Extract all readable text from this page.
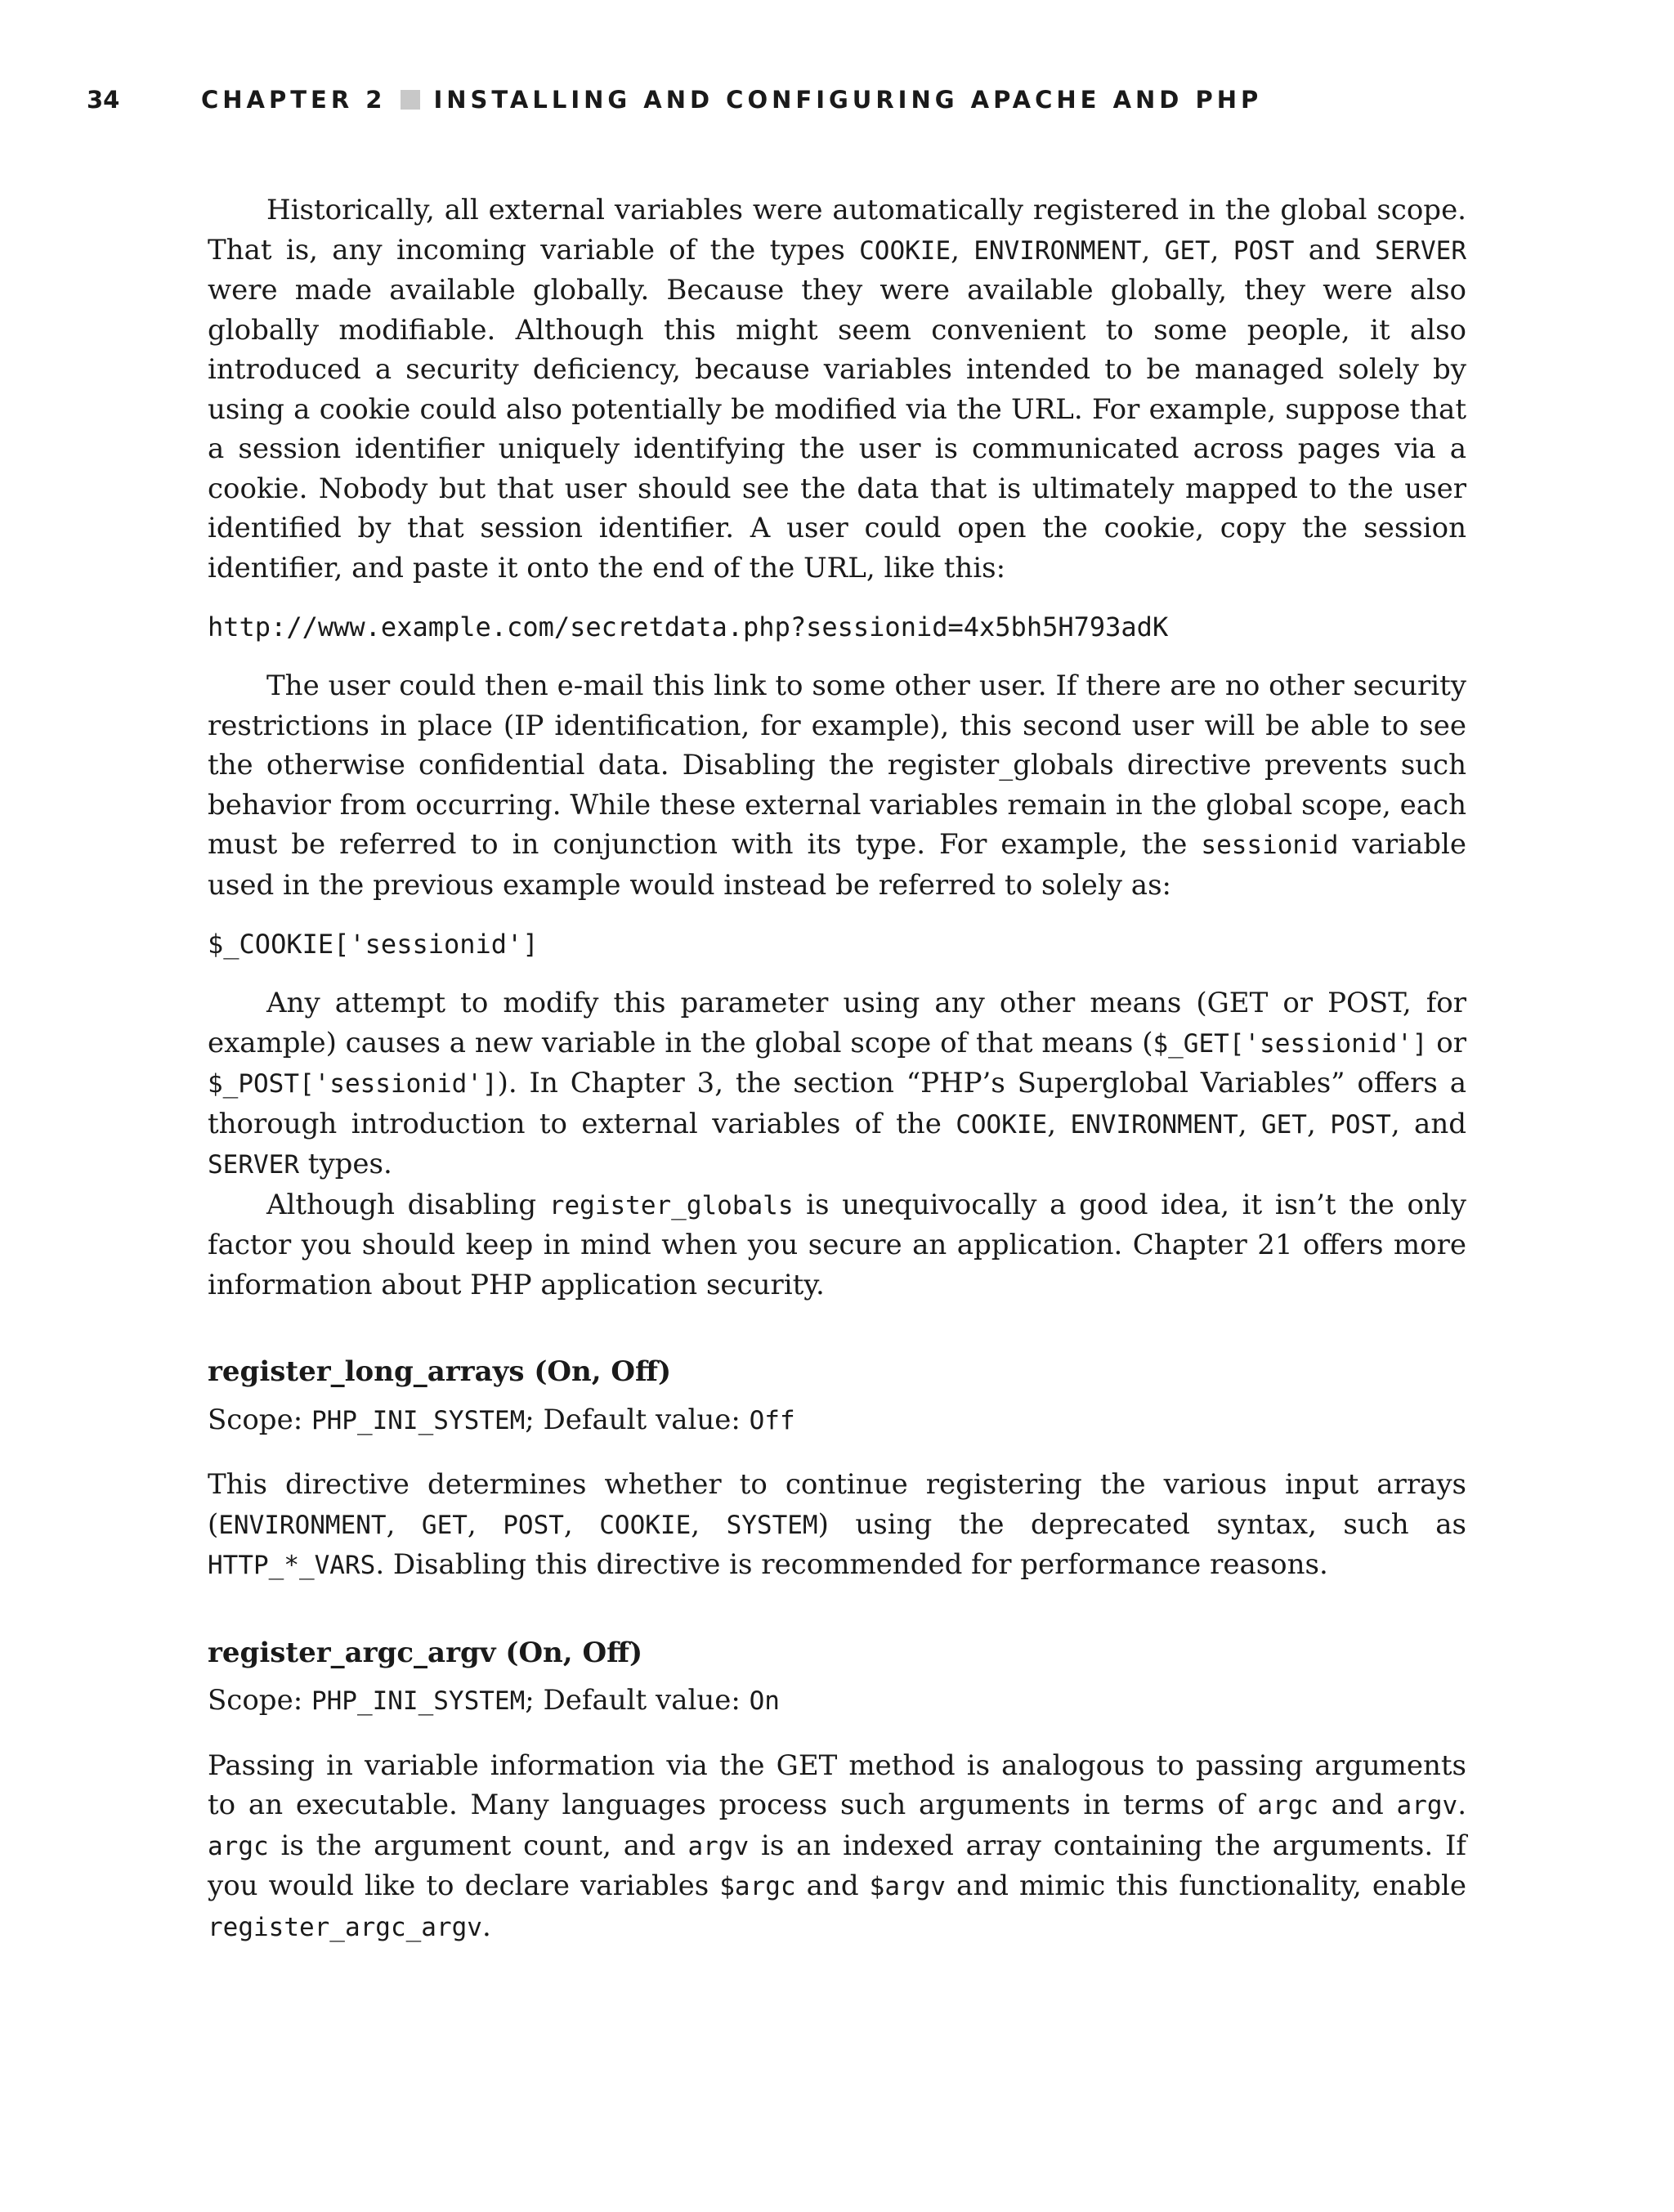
34	CHAPTER 2 INSTALLING AND CONFIGURING APACHE AND PHP

Historically, all external variables were automatically registered in the global scope. That is, any incoming variable of the types COOKIE, ENVIRONMENT, GET, POST and SERVER were made available globally. Because they were available globally, they were also globally modifiable. Although this might seem convenient to some people, it also introduced a security deficiency, because variables intended to be managed solely by using a cookie could also potentially be modified via the URL. For example, suppose that a session identifier uniquely identifying the user is communicated across pages via a cookie. Nobody but that user should see the data that is ultimately mapped to the user identified by that session identifier. A user could open the cookie, copy the session identifier, and paste it onto the end of the URL, like this:

http://www.example.com/secretdata.php?sessionid=4x5bh5H793adK

The user could then e-mail this link to some other user. If there are no other security restrictions in place (IP identification, for example), this second user will be able to see the otherwise confidential data. Disabling the register_globals directive prevents such behavior from occurring. While these external variables remain in the global scope, each must be referred to in conjunction with its type. For example, the sessionid variable used in the previous example would instead be referred to solely as:

$_COOKIE['sessionid']

Any attempt to modify this parameter using any other means (GET or POST, for example) causes a new variable in the global scope of that means ($_GET['sessionid'] or $_POST['sessionid']). In Chapter 3, the section “PHP’s Superglobal Variables” offers a thorough introduction to external variables of the COOKIE, ENVIRONMENT, GET, POST, and SERVER types.

Although disabling register_globals is unequivocally a good idea, it isn’t the only factor you should keep in mind when you secure an application. Chapter 21 offers more information about PHP application security.

register_long_arrays (On, Off)

Scope: PHP_INI_SYSTEM; Default value: Off

This directive determines whether to continue registering the various input arrays (ENVIRONMENT, GET, POST, COOKIE, SYSTEM) using the deprecated syntax, such as HTTP_*_VARS. Disabling this directive is recommended for performance reasons.

register_argc_argv (On, Off)

Scope: PHP_INI_SYSTEM; Default value: On

Passing in variable information via the GET method is analogous to passing arguments to an executable. Many languages process such arguments in terms of argc and argv. argc is the argument count, and argv is an indexed array containing the arguments. If you would like to declare variables $argc and $argv and mimic this functionality, enable register_argc_argv.
